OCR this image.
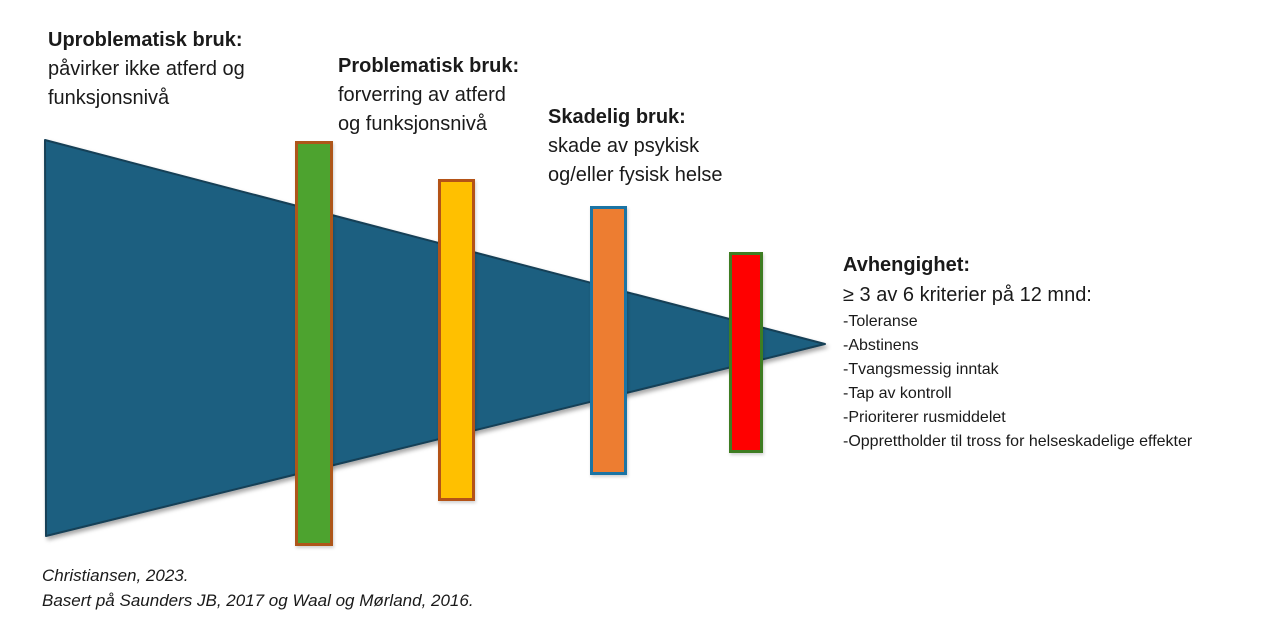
Uproblematisk bruk:
påvirker ikke atferd og
funksjonsnivå
Problematisk bruk:
forverring av atferd
og funksjonsnivå	Skadelig bruk:
skade av psykisk
og/eller fysisk helse
Avhengighet:
≥ 3 av 6 kriterier på 12 mnd:
-Toleranse
-Abstinens
-Tvangsmessig inntak
-Tap av kontroll
-Prioriterer rusmiddelet
-Opprettholder til tross for helseskadelige effekter
Christiansen, 2023.
Basert på Saunders JB, 2017 og Waal og Mørland, 2016.
